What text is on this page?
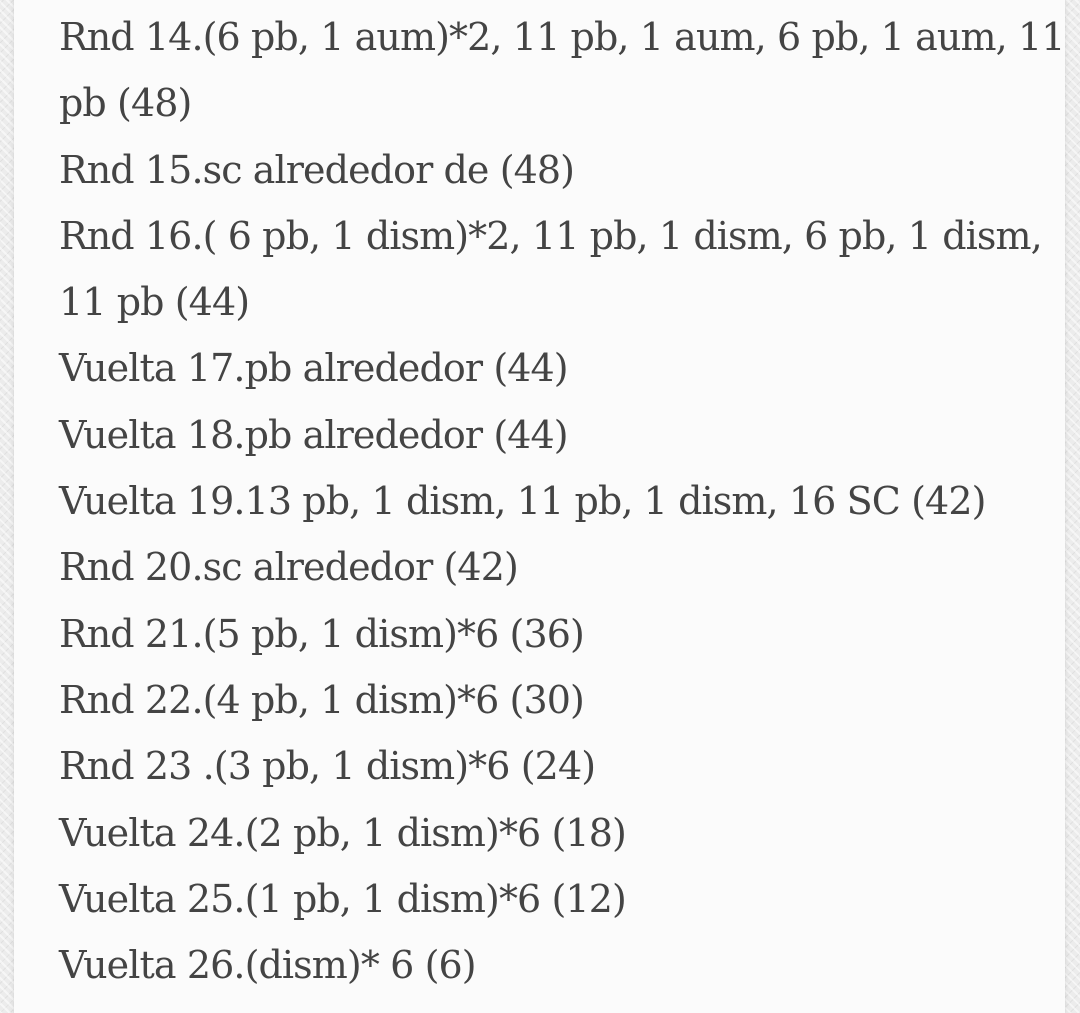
Rnd 14.(6 pb, 1 aum)*2, 11 pb, 1 aum, 6 pb, 1 aum, 11

pb (48)

Rnd 15.sc alrededor de (48)

Rnd 16.( 6 pb, 1 dism)*2, 11 pb, 1 dism, 6 pb, 1 dism,

11 pb (44)

Vuelta 17.pb alrededor (44)

Vuelta 18.pb alrededor (44)

Vuelta 19.13 pb, 1 dism, 11 pb, 1 dism, 16 SC (42)

Rnd 20.sc alrededor (42)

Rnd 21.(5 pb, 1 dism)*6 (36)

Rnd 22.(4 pb, 1 dism)*6 (30)

Rnd 23 .(3 pb, 1 dism)*6 (24)

Vuelta 24.(2 pb, 1 dism)*6 (18)

Vuelta 25.(1 pb, 1 dism)*6 (12)

Vuelta 26.(dism)* 6 (6)
